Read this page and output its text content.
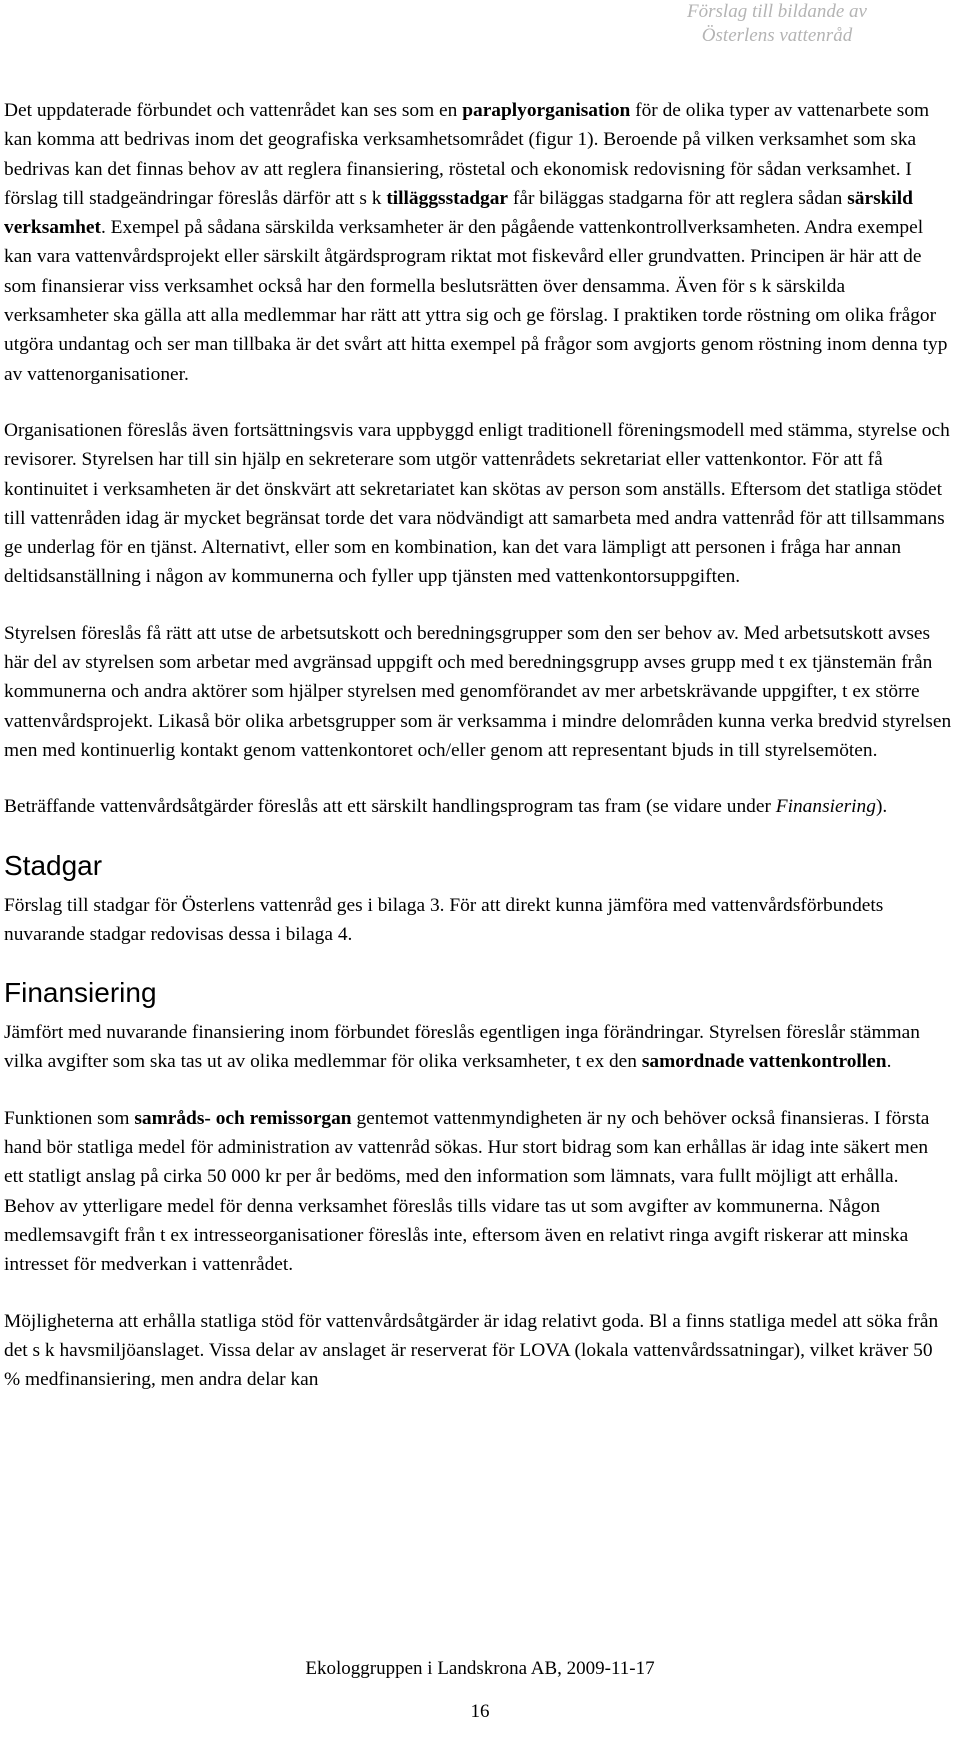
Förslag till bildande av
Österlens vattenråd

Det uppdaterade förbundet och vattenrådet kan ses som en paraplyorganisation för de olika typer av vattenarbete som kan komma att bedrivas inom det geografiska verksamhetsområdet (figur 1). Beroende på vilken verksamhet som ska bedrivas kan det finnas behov av att reglera finansiering, röstetal och ekonomisk redovisning för sådan verksamhet. I förslag till stadgeändringar föreslås därför att s k tilläggsstadgar får biläggas stadgarna för att reglera sådan särskild verksamhet. Exempel på sådana särskilda verksamheter är den pågående vattenkontrollverksamheten. Andra exempel kan vara vattenvårdsprojekt eller särskilt åtgärdsprogram riktat mot fiskevård eller grundvatten. Principen är här att de som finansierar viss verksamhet också har den formella beslutsrätten över densamma. Även för s k särskilda verksamheter ska gälla att alla medlemmar har rätt att yttra sig och ge förslag. I praktiken torde röstning om olika frågor utgöra undantag och ser man tillbaka är det svårt att hitta exempel på frågor som avgjorts genom röstning inom denna typ av vattenorganisationer.

Organisationen föreslås även fortsättningsvis vara uppbyggd enligt traditionell föreningsmodell med stämma, styrelse och revisorer. Styrelsen har till sin hjälp en sekreterare som utgör vattenrådets sekretariat eller vattenkontor. För att få kontinuitet i verksamheten är det önskvärt att sekretariatet kan skötas av person som anställs. Eftersom det statliga stödet till vattenråden idag är mycket begränsat torde det vara nödvändigt att samarbeta med andra vattenråd för att tillsammans ge underlag för en tjänst. Alternativt, eller som en kombination, kan det vara lämpligt att personen i fråga har annan deltidsanställning i någon av kommunerna och fyller upp tjänsten med vattenkontorsuppgiften.

Styrelsen föreslås få rätt att utse de arbetsutskott och beredningsgrupper som den ser behov av. Med arbetsutskott avses här del av styrelsen som arbetar med avgränsad uppgift och med beredningsgrupp avses grupp med t ex tjänstemän från kommunerna och andra aktörer som hjälper styrelsen med genomförandet av mer arbetskrävande uppgifter, t ex större vattenvårdsprojekt. Likaså bör olika arbetsgrupper som är verksamma i mindre delområden kunna verka bredvid styrelsen men med kontinuerlig kontakt genom vattenkontoret och/eller genom att representant bjuds in till styrelsemöten.

Beträffande vattenvårdsåtgärder föreslås att ett särskilt handlingsprogram tas fram (se vidare under Finansiering).

Stadgar

Förslag till stadgar för Österlens vattenråd ges i bilaga 3. För att direkt kunna jämföra med vattenvårdsförbundets nuvarande stadgar redovisas dessa i bilaga 4.

Finansiering

Jämfört med nuvarande finansiering inom förbundet föreslås egentligen inga förändringar. Styrelsen föreslår stämman vilka avgifter som ska tas ut av olika medlemmar för olika verksamheter, t ex den samordnade vattenkontrollen.

Funktionen som samråds- och remissorgan gentemot vattenmyndigheten är ny och behöver också finansieras. I första hand bör statliga medel för administration av vattenråd sökas. Hur stort bidrag som kan erhållas är idag inte säkert men ett statligt anslag på cirka 50 000 kr per år bedöms, med den information som lämnats, vara fullt möjligt att erhålla. Behov av ytterligare medel för denna verksamhet föreslås tills vidare tas ut som avgifter av kommunerna. Någon medlemsavgift från t ex intresseorganisationer föreslås inte, eftersom även en relativt ringa avgift riskerar att minska intresset för medverkan i vattenrådet.

Möjligheterna att erhålla statliga stöd för vattenvårdsåtgärder är idag relativt goda. Bl a finns statliga medel att söka från det s k havsmiljöanslaget. Vissa delar av anslaget är reserverat för LOVA (lokala vattenvårdssatningar), vilket kräver 50 % medfinansiering, men andra delar kan

Ekologgruppen i Landskrona AB, 2009-11-17
16
